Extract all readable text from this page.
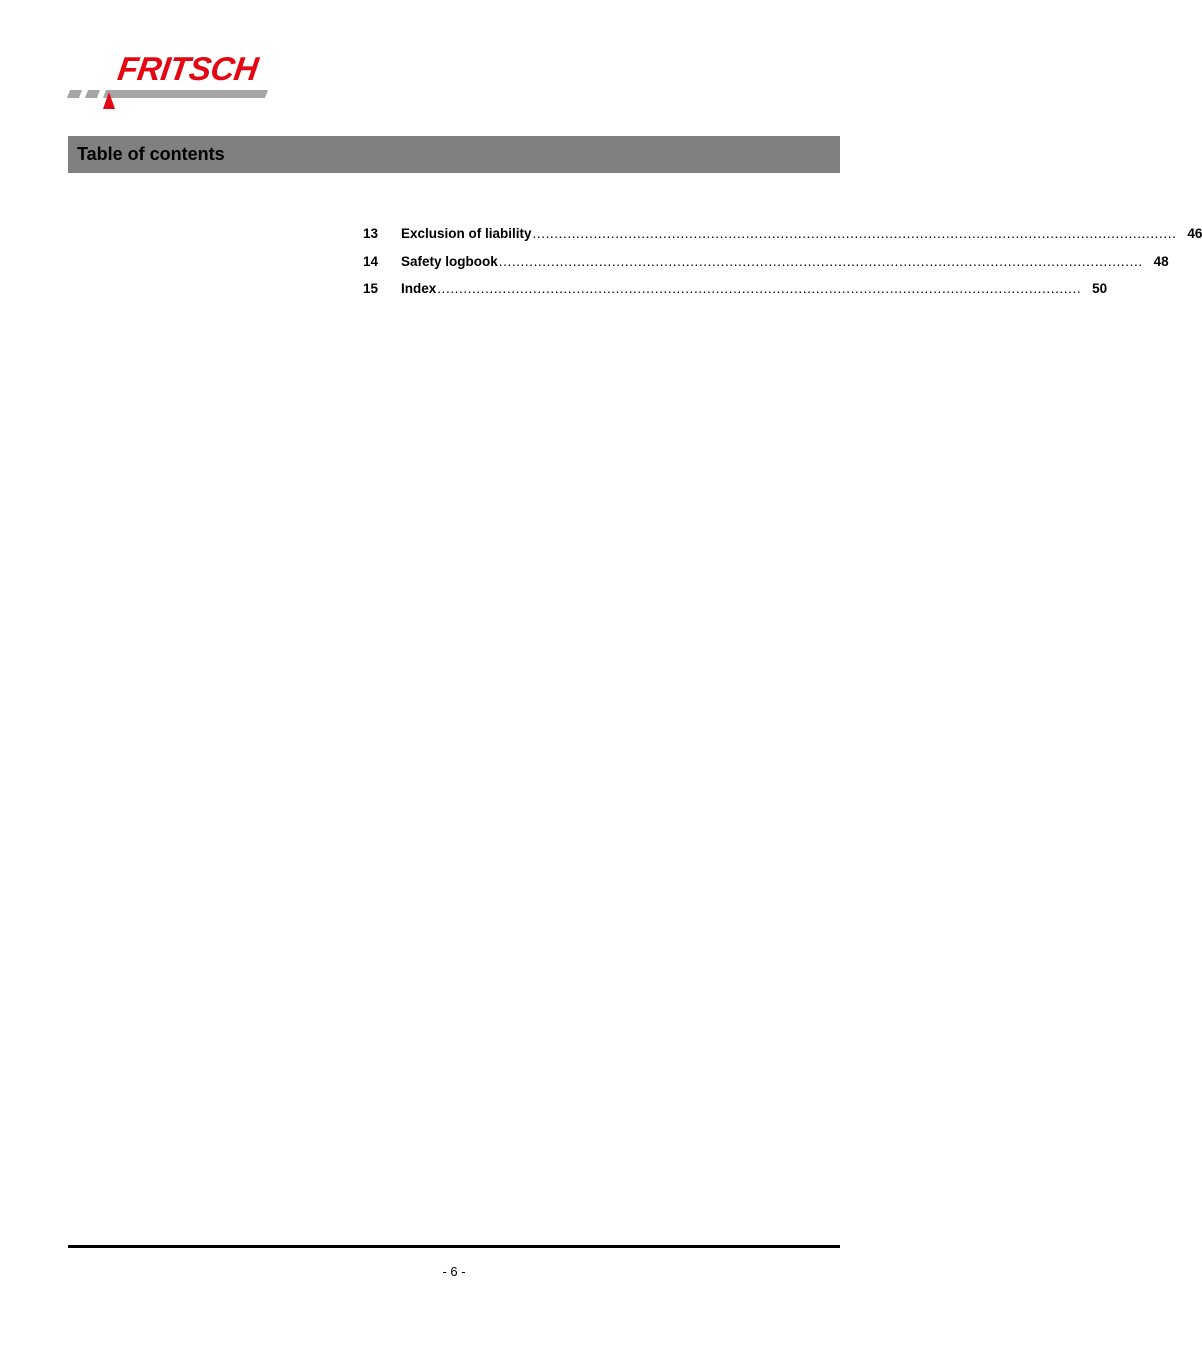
FRITSCH
Table of contents
13	Exclusion of liability .................................................................................................................................................... 46
14	Safety logbook .................................................................................................................................................... 48
15	Index .................................................................................................................................................... 50
- 6 -
